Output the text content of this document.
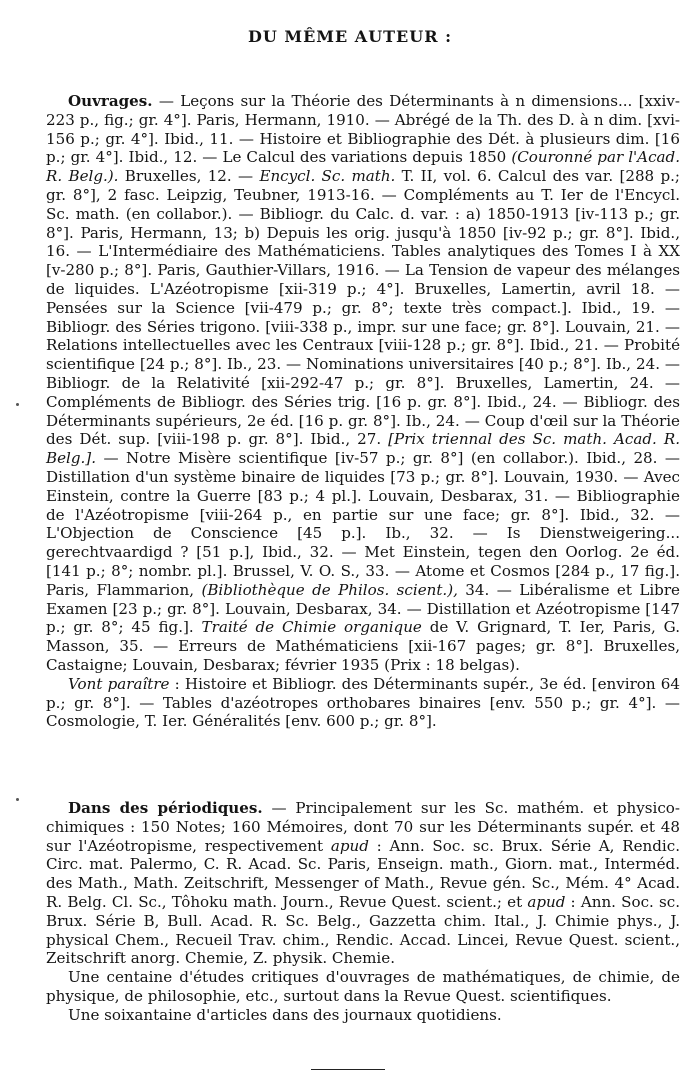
DU MÊME AUTEUR :

Ouvrages. — Leçons sur la Théorie des Déterminants à n dimensions... [xxiv-223 p., fig.; gr. 4°]. Paris, Hermann, 1910. — Abrégé de la Th. des D. à n dim. [xvi-156 p.; gr. 4°]. Ibid., 11. — Histoire et Bibliographie des Dét. à plusieurs dim. [16 p.; gr. 4°]. Ibid., 12. — Le Calcul des variations depuis 1850 (Couronné par l'Acad. R. Belg.). Bruxelles, 12. — Encycl. Sc. math. T. II, vol. 6. Calcul des var. [288 p.; gr. 8°], 2 fasc. Leipzig, Teubner, 1913-16. — Compléments au T. Ier de l'Encycl. Sc. math. (en collabor.). — Bibliogr. du Calc. d. var. : a) 1850-1913 [iv-113 p.; gr. 8°]. Paris, Hermann, 13; b) Depuis les orig. jusqu'à 1850 [iv-92 p.; gr. 8°]. Ibid., 16. — L'Intermédiaire des Mathématiciens. Tables analytiques des Tomes I à XX [v-280 p.; 8°]. Paris, Gauthier-Villars, 1916. — La Tension de vapeur des mélanges de liquides. L'Azéotropisme [xii-319 p.; 4°]. Bruxelles, Lamertin, avril 18. — Pensées sur la Science [vii-479 p.; gr. 8°; texte très compact.]. Ibid., 19. — Bibliogr. des Séries trigono. [viii-338 p., impr. sur une face; gr. 8°]. Louvain, 21. — Relations intellectuelles avec les Centraux [viii-128 p.; gr. 8°]. Ibid., 21. — Probité scientifique [24 p.; 8°]. Ib., 23. — Nominations universitaires [40 p.; 8°]. Ib., 24. — Bibliogr. de la Relativité [xii-292-47 p.; gr. 8°]. Bruxelles, Lamertin, 24. — Compléments de Bibliogr. des Séries trig. [16 p. gr. 8°]. Ibid., 24. — Bibliogr. des Déterminants supérieurs, 2e éd. [16 p. gr. 8°]. Ib., 24. — Coup d'œil sur la Théorie des Dét. sup. [viii-198 p. gr. 8°]. Ibid., 27. [Prix triennal des Sc. math. Acad. R. Belg.]. — Notre Misère scientifique [iv-57 p.; gr. 8°] (en collabor.). Ibid., 28. — Distillation d'un système binaire de liquides [73 p.; gr. 8°]. Louvain, 1930. — Avec Einstein, contre la Guerre [83 p.; 4 pl.]. Louvain, Desbarax, 31. — Bibliographie de l'Azéotropisme [viii-264 p., en partie sur une face; gr. 8°]. Ibid., 32. — L'Objection de Conscience [45 p.]. Ib., 32. — Is Dienstweigering... gerechtvaardigd ? [51 p.], Ibid., 32. — Met Einstein, tegen den Oorlog. 2e éd. [141 p.; 8°; nombr. pl.]. Brussel, V. O. S., 33. — Atome et Cosmos [284 p., 17 fig.]. Paris, Flammarion, (Bibliothèque de Philos. scient.), 34. — Libéralisme et Libre Examen [23 p.; gr. 8°]. Louvain, Desbarax, 34. — Distillation et Azéotropisme [147 p.; gr. 8°; 45 fig.]. Traité de Chimie organique de V. Grignard, T. Ier, Paris, G. Masson, 35. — Erreurs de Mathématiciens [xii-167 pages; gr. 8°]. Bruxelles, Castaigne; Louvain, Desbarax; février 1935 (Prix : 18 belgas).

Vont paraître : Histoire et Bibliogr. des Déterminants supér., 3e éd. [environ 64 p.; gr. 8°]. — Tables d'azéotropes orthobares binaires [env. 550 p.; gr. 4°]. — Cosmologie, T. Ier. Généralités [env. 600 p.; gr. 8°].

Dans des périodiques. — Principalement sur les Sc. mathém. et physico-chimiques : 150 Notes; 160 Mémoires, dont 70 sur les Déterminants supér. et 48 sur l'Azéotropisme, respectivement apud : Ann. Soc. sc. Brux. Série A, Rendic. Circ. mat. Palermo, C. R. Acad. Sc. Paris, Enseign. math., Giorn. mat., Interméd. des Math., Math. Zeitschrift, Messenger of Math., Revue gén. Sc., Mém. 4° Acad. R. Belg. Cl. Sc., Tôhoku math. Journ., Revue Quest. scient.; et apud : Ann. Soc. sc. Brux. Série B, Bull. Acad. R. Sc. Belg., Gazzetta chim. Ital., J. Chimie phys., J. physical Chem., Recueil Trav. chim., Rendic. Accad. Lincei, Revue Quest. scient., Zeitschrift anorg. Chemie, Z. physik. Chemie.

Une centaine d'études critiques d'ouvrages de mathématiques, de chimie, de physique, de philosophie, etc., surtout dans la Revue Quest. scientifiques.

Une soixantaine d'articles dans des journaux quotidiens.
